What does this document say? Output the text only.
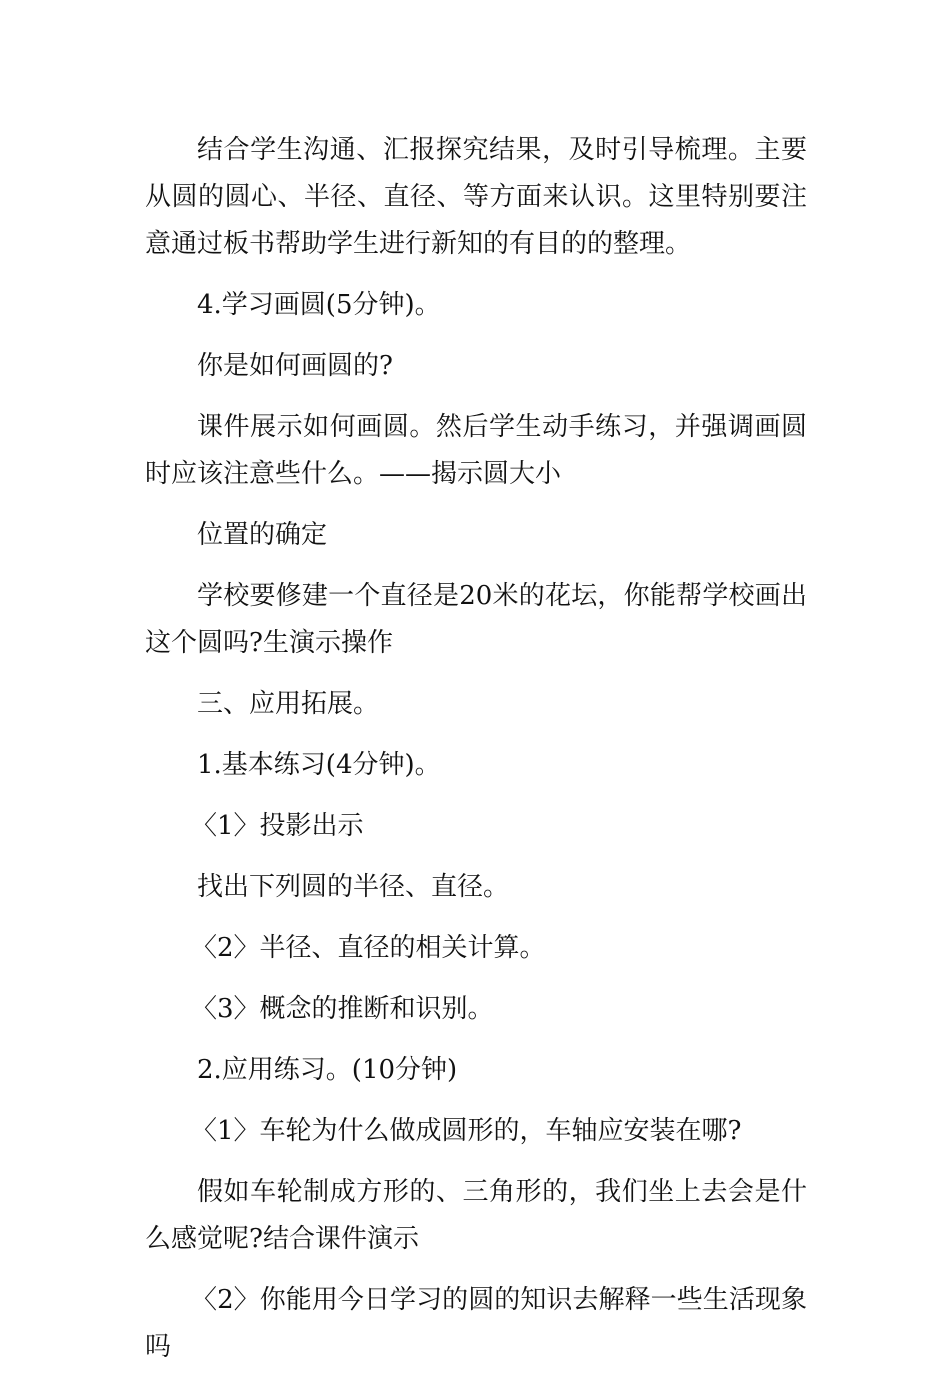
结合学生沟通、汇报探究结果，及时引导梳理。主要从圆的圆心、半径、直径、等方面来认识。这里特别要注意通过板书帮助学生进行新知的有目的的整理。

4.学习画圆(5分钟)。

你是如何画圆的?

课件展示如何画圆。然后学生动手练习，并强调画圆时应该注意些什么。——揭示圆大小

位置的确定

学校要修建一个直径是20米的花坛，你能帮学校画出这个圆吗?生演示操作

三、应用拓展。

1.基本练习(4分钟)。

〈1〉投影出示

找出下列圆的半径、直径。

〈2〉半径、直径的相关计算。

〈3〉概念的推断和识别。

2.应用练习。(10分钟)

〈1〉车轮为什么做成圆形的，车轴应安装在哪?

假如车轮制成方形的、三角形的，我们坐上去会是什么感觉呢?结合课件演示

〈2〉你能用今日学习的圆的知识去解释一些生活现象吗
